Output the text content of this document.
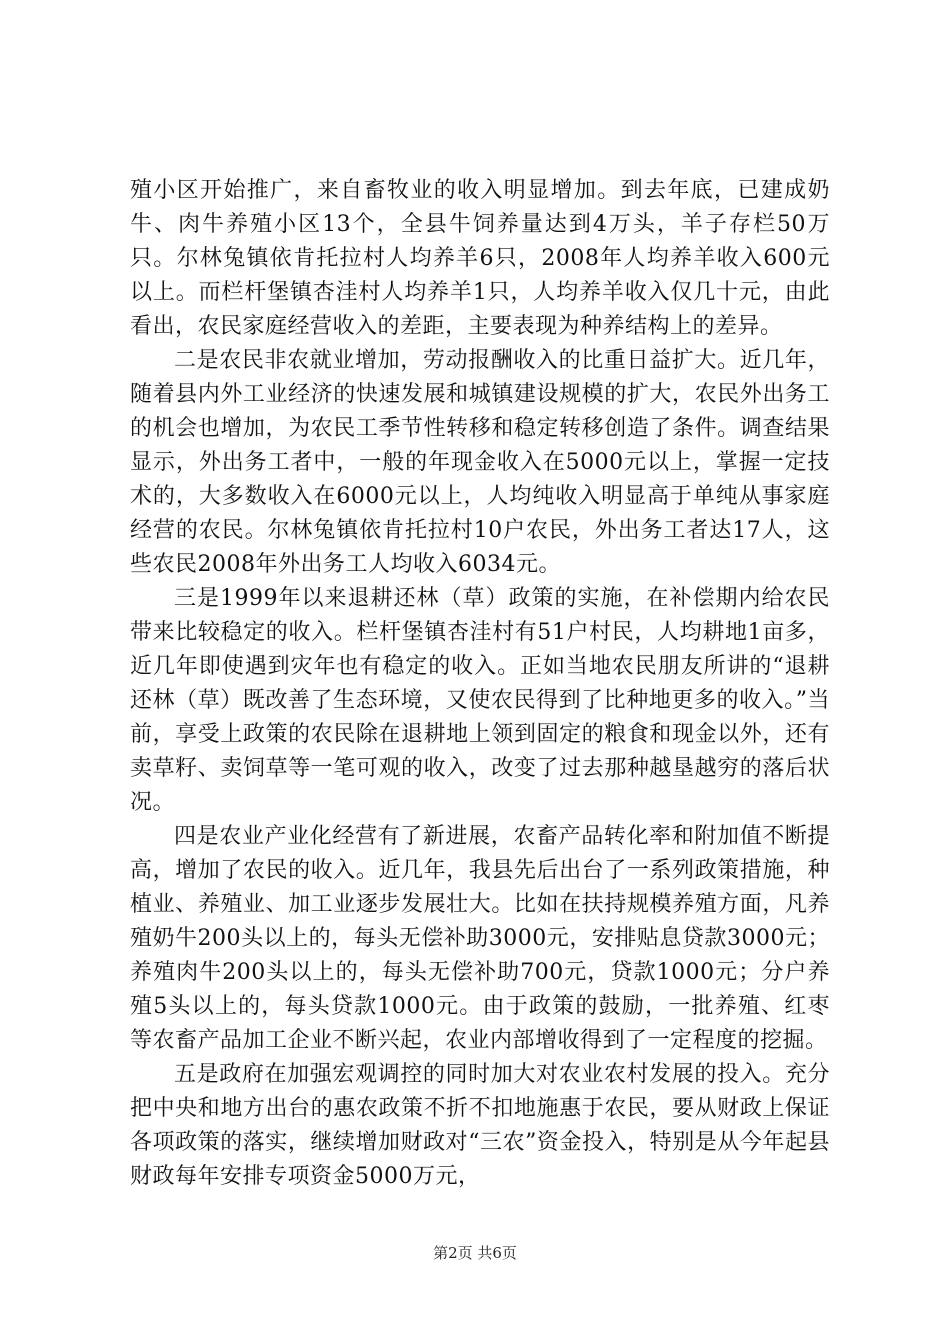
殖小区开始推广，来自畜牧业的收入明显增加。到去年底，已建成奶牛、肉牛养殖小区13个，全县牛饲养量达到4万头，羊子存栏50万只。尔林兔镇依肯托拉村人均养羊6只，2008年人均养羊收入600元以上。而栏杆堡镇杏洼村人均养羊1只，人均养羊收入仅几十元，由此看出，农民家庭经营收入的差距，主要表现为种养结构上的差异。

二是农民非农就业增加，劳动报酬收入的比重日益扩大。近几年，随着县内外工业经济的快速发展和城镇建设规模的扩大，农民外出务工的机会也增加，为农民工季节性转移和稳定转移创造了条件。调查结果显示，外出务工者中，一般的年现金收入在5000元以上，掌握一定技术的，大多数收入在6000元以上，人均纯收入明显高于单纯从事家庭经营的农民。尔林兔镇依肯托拉村10户农民，外出务工者达17人，这些农民2008年外出务工人均收入6034元。

三是1999年以来退耕还林（草）政策的实施，在补偿期内给农民带来比较稳定的收入。栏杆堡镇杏洼村有51户村民，人均耕地1亩多，近几年即使遇到灾年也有稳定的收入。正如当地农民朋友所讲的“退耕还林（草）既改善了生态环境，又使农民得到了比种地更多的收入。”当前，享受上政策的农民除在退耕地上领到固定的粮食和现金以外，还有卖草籽、卖饲草等一笔可观的收入，改变了过去那种越垦越穷的落后状况。

四是农业产业化经营有了新进展，农畜产品转化率和附加值不断提高，增加了农民的收入。近几年，我县先后出台了一系列政策措施，种植业、养殖业、加工业逐步发展壮大。比如在扶持规模养殖方面，凡养殖奶牛200头以上的，每头无偿补助3000元，安排贴息贷款3000元；养殖肉牛200头以上的，每头无偿补助700元，贷款1000元；分户养殖5头以上的，每头贷款1000元。由于政策的鼓励，一批养殖、红枣等农畜产品加工企业不断兴起，农业内部增收得到了一定程度的挖掘。

五是政府在加强宏观调控的同时加大对农业农村发展的投入。充分把中央和地方出台的惠农政策不折不扣地施惠于农民，要从财政上保证各项政策的落实，继续增加财政对“三农”资金投入，特别是从今年起县财政每年安排专项资金5000万元，

第2页 共6页
